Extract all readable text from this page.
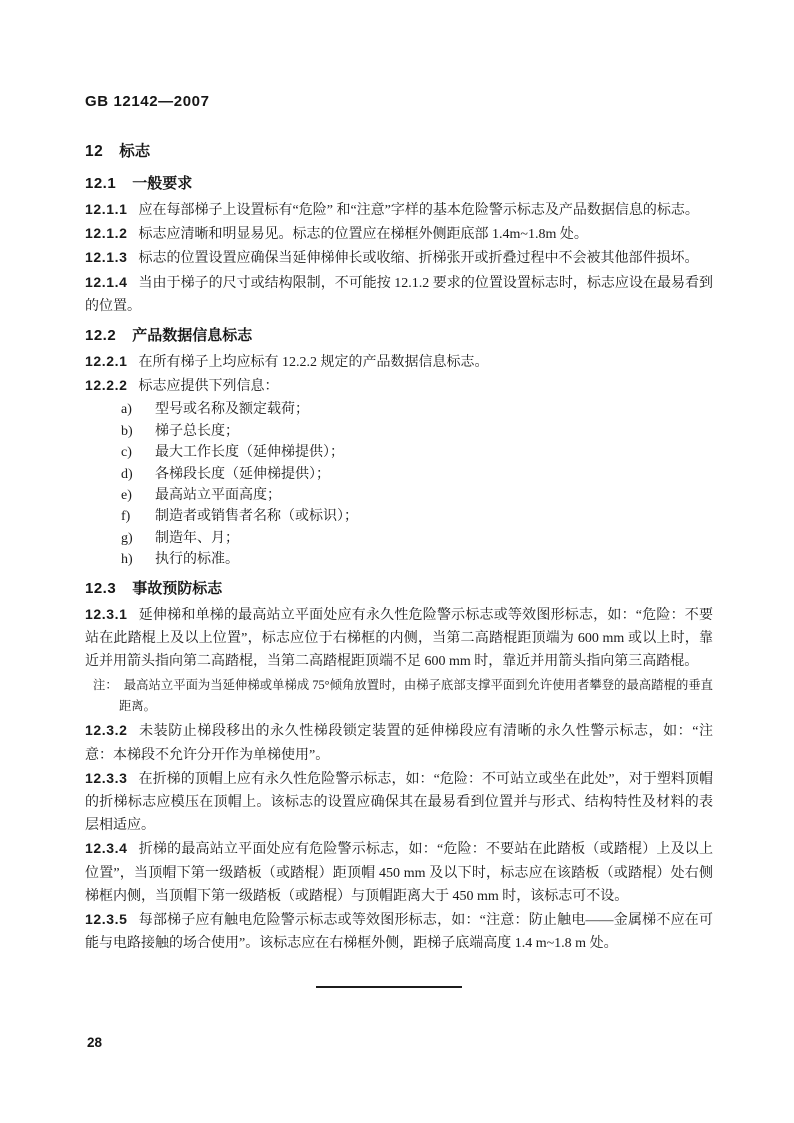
GB 12142—2007
12 标志
12.1 一般要求

12.1.1 应在每部梯子上设置标有“危险” 和“注意”字样的基本危险警示标志及产品数据信息的标志。

12.1.2 标志应清晰和明显易见。标志的位置应在梯框外侧距底部 1.4m~1.8m 处。

12.1.3 标志的位置设置应确保当延伸梯伸长或收缩、折梯张开或折叠过程中不会被其他部件损坏。

12.1.4 当由于梯子的尺寸或结构限制，不可能按 12.1.2 要求的位置设置标志时，标志应设在最易看到的位置。

12.2 产品数据信息标志

12.2.1 在所有梯子上均应标有 12.2.2 规定的产品数据信息标志。

12.2.2 标志应提供下列信息：

a)	型号或名称及额定载荷；
b)	梯子总长度；
c)	最大工作长度（延伸梯提供）；
d)	各梯段长度（延伸梯提供）；
e)	最高站立平面高度；
f)	制造者或销售者名称（或标识）；
g)	制造年、月；
h)	执行的标准。
12.3 事故预防标志

12.3.1 延伸梯和单梯的最高站立平面处应有永久性危险警示标志或等效图形标志，如：“危险：不要站在此踏棍上及以上位置”，标志应位于右梯框的内侧，当第二高踏棍距顶端为 600 mm 或以上时，靠近并用箭头指向第二高踏棍，当第二高踏棍距顶端不足 600 mm 时，靠近并用箭头指向第三高踏棍。

注： 最高站立平面为当延伸梯或单梯成 75°倾角放置时，由梯子底部支撑平面到允许使用者攀登的最高踏棍的垂直距离。

12.3.2 未装防止梯段移出的永久性梯段锁定装置的延伸梯段应有清晰的永久性警示标志，如：“注意：本梯段不允许分开作为单梯使用”。

12.3.3 在折梯的顶帽上应有永久性危险警示标志，如：“危险：不可站立或坐在此处”，对于塑料顶帽的折梯标志应模压在顶帽上。该标志的设置应确保其在最易看到位置并与形式、结构特性及材料的表层相适应。

12.3.4 折梯的最高站立平面处应有危险警示标志，如：“危险：不要站在此踏板（或踏棍）上及以上位置”，当顶帽下第一级踏板（或踏棍）距顶帽 450 mm 及以下时，标志应在该踏板（或踏棍）处右侧梯框内侧，当顶帽下第一级踏板（或踏棍）与顶帽距离大于 450 mm 时，该标志可不设。

12.3.5 每部梯子应有触电危险警示标志或等效图形标志，如：“注意：防止触电——金属梯不应在可能与电路接触的场合使用”。该标志应在右梯框外侧，距梯子底端高度 1.4 m~1.8 m 处。

28
